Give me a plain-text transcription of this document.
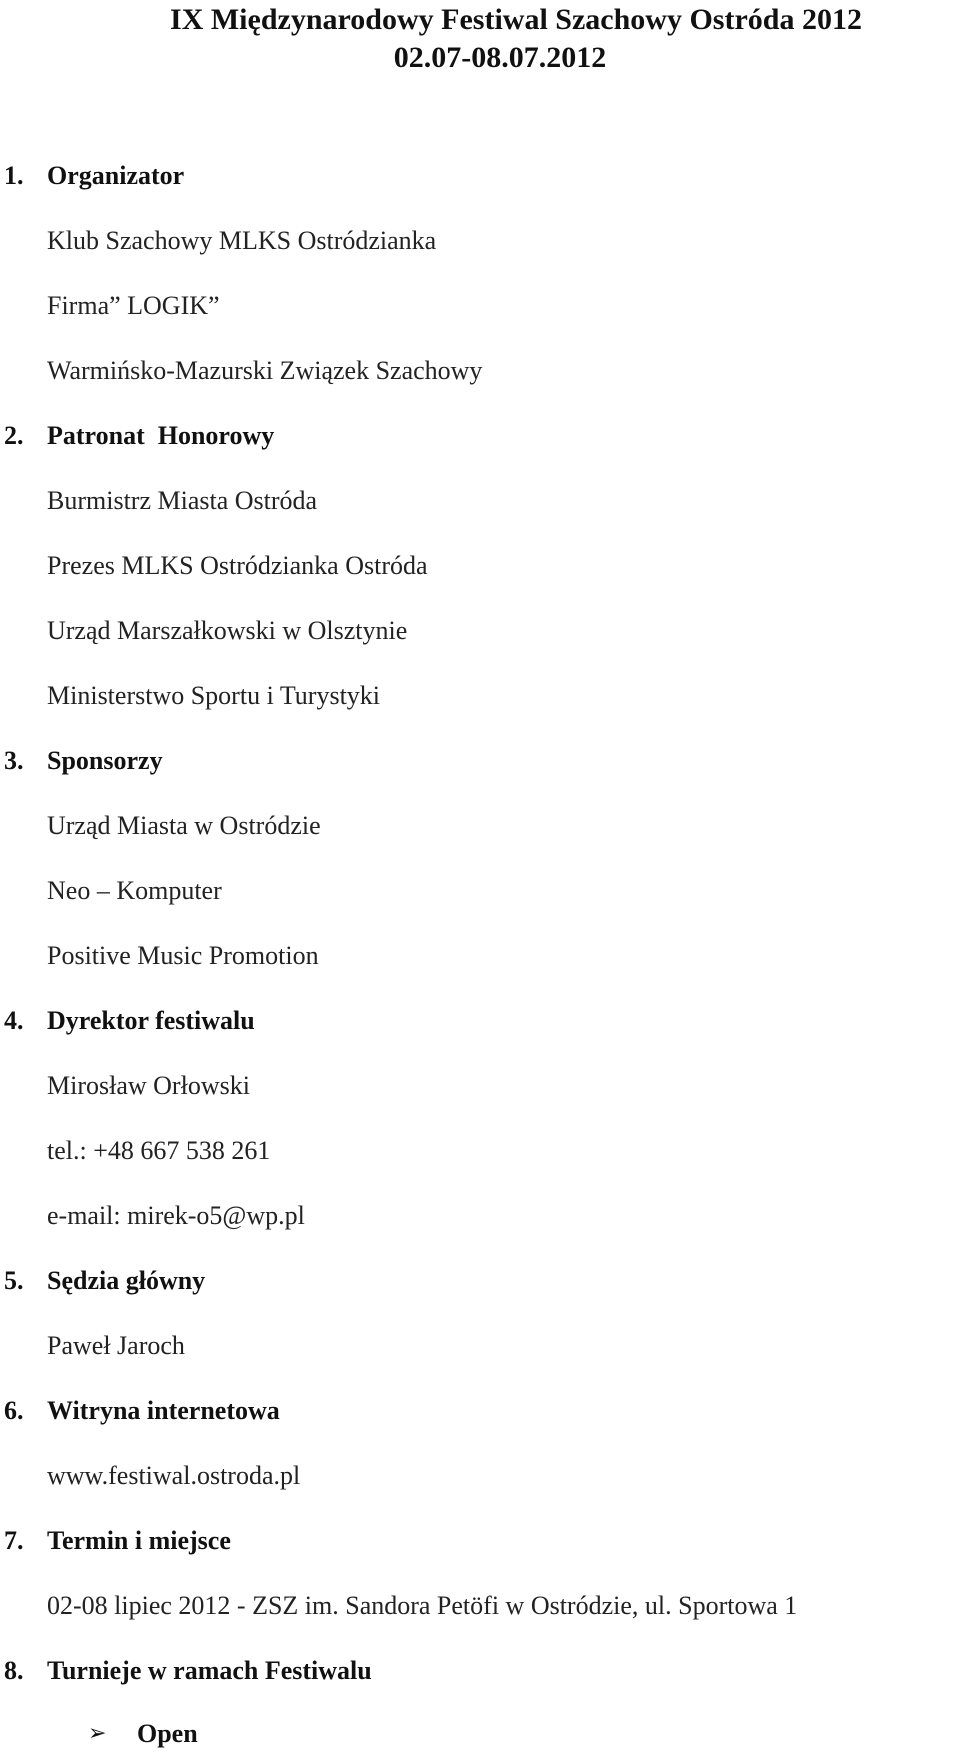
IX Międzynarodowy Festiwal Szachowy Ostróda 2012
02.07-08.07.2012
1. Organizator
Klub Szachowy MLKS Ostródzianka
Firma” LOGIK”
Warmińsko-Mazurski Związek Szachowy
2. Patronat  Honorowy
Burmistrz Miasta Ostróda
Prezes MLKS Ostródzianka Ostróda
Urząd Marszałkowski w Olsztynie
Ministerstwo Sportu i Turystyki
3. Sponsorzy
Urząd Miasta w Ostródzie
Neo – Komputer
Positive Music Promotion
4. Dyrektor festiwalu
Mirosław Orłowski
tel.: +48 667 538 261
e-mail: mirek-o5@wp.pl
5. Sędzia główny
Paweł Jaroch
6. Witryna internetowa
www.festiwal.ostroda.pl
7. Termin i miejsce
02-08 lipiec 2012 - ZSZ im. Sandora Petöfi w Ostródzie, ul. Sportowa 1
8. Turnieje w ramach Festiwalu
➢ Open
